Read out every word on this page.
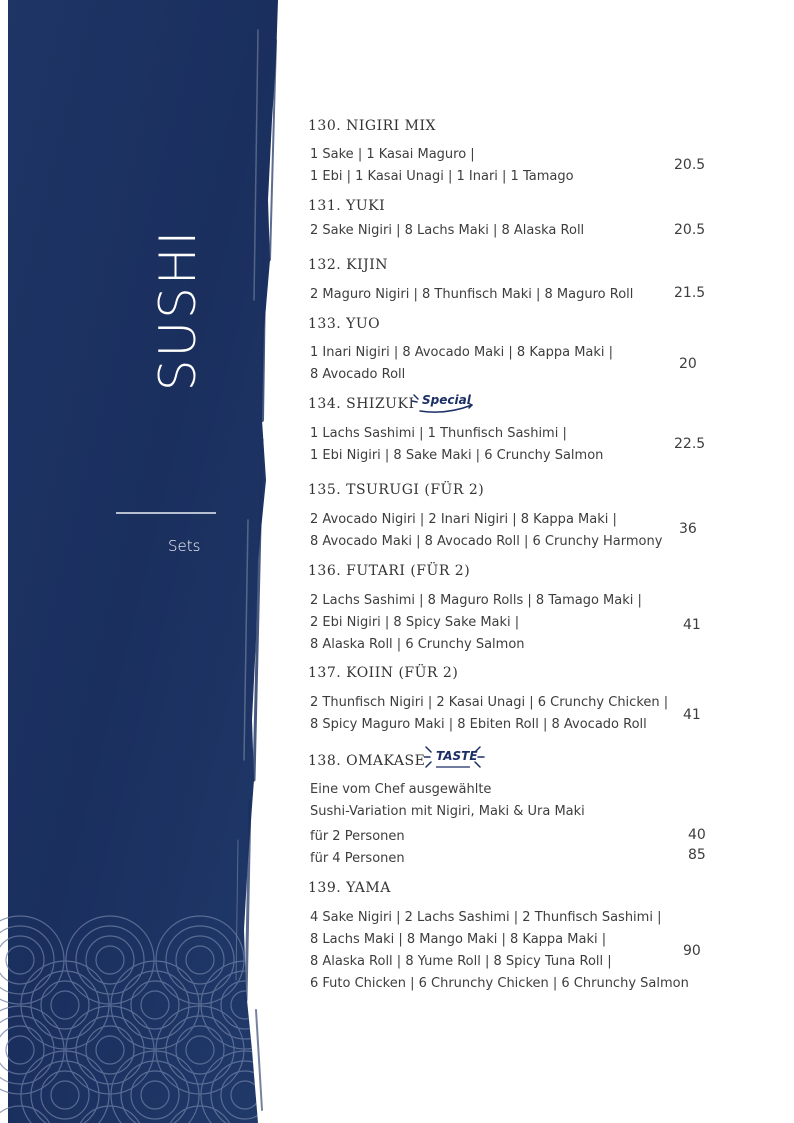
SUSHI
Sets
130. NIGIRI MIX
1 Sake | 1 Kasai Maguro |
1 Ebi | 1 Kasai Unagi | 1 Inari | 1 Tamago
20.5
131. YUKI
2 Sake Nigiri | 8 Lachs Maki | 8 Alaska Roll	20.5
132. KIJIN
2 Maguro Nigiri | 8 Thunfisch Maki | 8 Maguro Roll	21.5
133. YUO
1 Inari Nigiri | 8 Avocado Maki | 8 Kappa Maki |
8 Avocado Roll
20
134. SHIZUKI Special
1 Lachs Sashimi | 1 Thunfisch Sashimi |
1 Ebi Nigiri | 8 Sake Maki | 6 Crunchy Salmon
22.5
135. TSURUGI (FÜR 2)
2 Avocado Nigiri | 2 Inari Nigiri | 8 Kappa Maki |
8 Avocado Maki | 8 Avocado Roll | 6 Crunchy Harmony
36
136. FUTARI (FÜR 2)
2 Lachs Sashimi | 8 Maguro Rolls | 8 Tamago Maki |
2 Ebi Nigiri | 8 Spicy Sake Maki |
8 Alaska Roll | 6 Crunchy Salmon
41
137. KOIIN (FÜR 2)
2 Thunfisch Nigiri | 2 Kasai Unagi | 6 Crunchy Chicken |
8 Spicy Maguro Maki | 8 Ebiten Roll | 8 Avocado Roll
41
138. OMAKASE TASTE
Eine vom Chef ausgewählte
Sushi-Variation mit Nigiri, Maki & Ura Maki
für 2 Personen
für 4 Personen
40
85
139. YAMA
4 Sake Nigiri | 2 Lachs Sashimi | 2 Thunfisch Sashimi |
8 Lachs Maki | 8 Mango Maki | 8 Kappa Maki |
8 Alaska Roll | 8 Yume Roll | 8 Spicy Tuna Roll |
6 Futo Chicken | 6 Chrunchy Chicken | 6 Chrunchy Salmon
90
